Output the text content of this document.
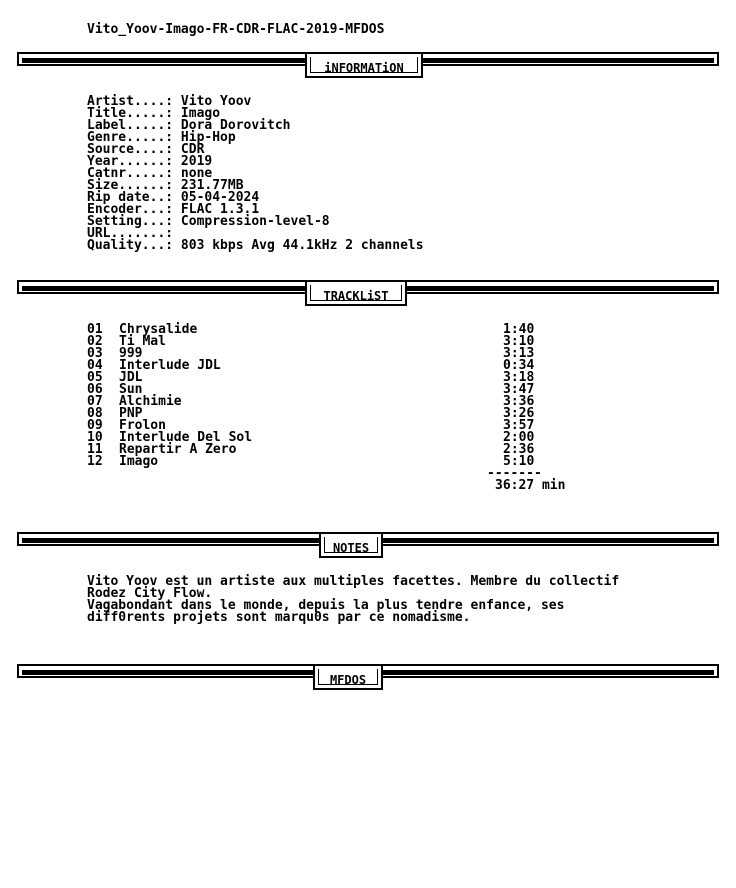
Vito_Yoov-Imago-FR-CDR-FLAC-2019-MFDOS
iNFORMATiON
Artist....: Vito Yoov
Title.....: Imago
Label.....: Dora Dorovitch
Genre.....: Hip-Hop
Source....: CDR
Year......: 2019
Catnr.....: none
Size......: 231.77MB
Rip date..: 05-04-2024
Encoder...: FLAC 1.3.1
Setting...: Compression-level-8
URL.......:
Quality...: 803 kbps Avg 44.1kHz 2 channels
TRACKLiST
01 Chrysalide	1:40
02 Ti Mal	3:10
03 999	3:13
04 Interlude JDL	0:34
05 JDL	3:18
06 Sun	3:47
07 Alchimie	3:36
08 PNP	3:26
09 Frolon	3:57
10 Interlude Del Sol	2:00
11 Repartir A Zero	2:36
12 Imago	5:10
-------
36:27 min
NOTES
Vito Yoov est un artiste aux multiples facettes. Membre du collectif
Rodez City Flow.
Vagabondant dans le monde, depuis la plus tendre enfance, ses
diff0rents projets sont marqu0s par ce nomadisme.
MFDOS
